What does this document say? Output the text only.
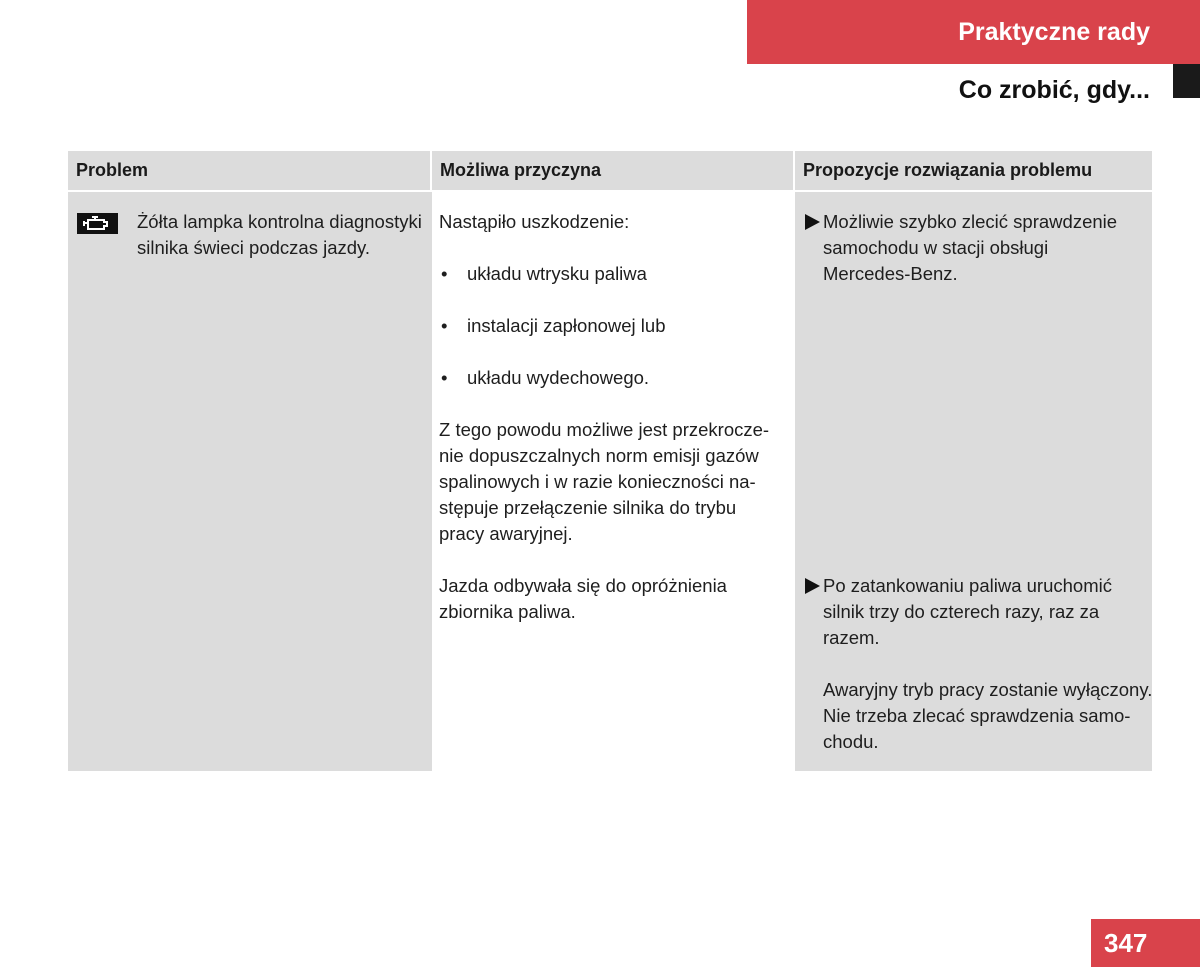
Praktyczne rady
Co zrobić, gdy...
Problem	Możliwa przyczyna	Propozycje rozwiązania problemu
Żółta lampka kontrolna diagnostyki
silnika świeci podczas jazdy.
Nastąpiło uszkodzenie:
• układu wtrysku paliwa
• instalacji zapłonowej lub
• układu wydechowego.
Z tego powodu możliwe jest przekrocze-
nie dopuszczalnych norm emisji gazów
spalinowych i w razie konieczności na-
stępuje przełączenie silnika do trybu
pracy awaryjnej.
Jazda odbywała się do opróżnienia
zbiornika paliwa.
Możliwie szybko zlecić sprawdzenie
samochodu w stacji obsługi
Mercedes-Benz.
Po zatankowaniu paliwa uruchomić
silnik trzy do czterech razy, raz za
razem.
Awaryjny tryb pracy zostanie wyłączony.
Nie trzeba zlecać sprawdzenia samo-
chodu.
347
